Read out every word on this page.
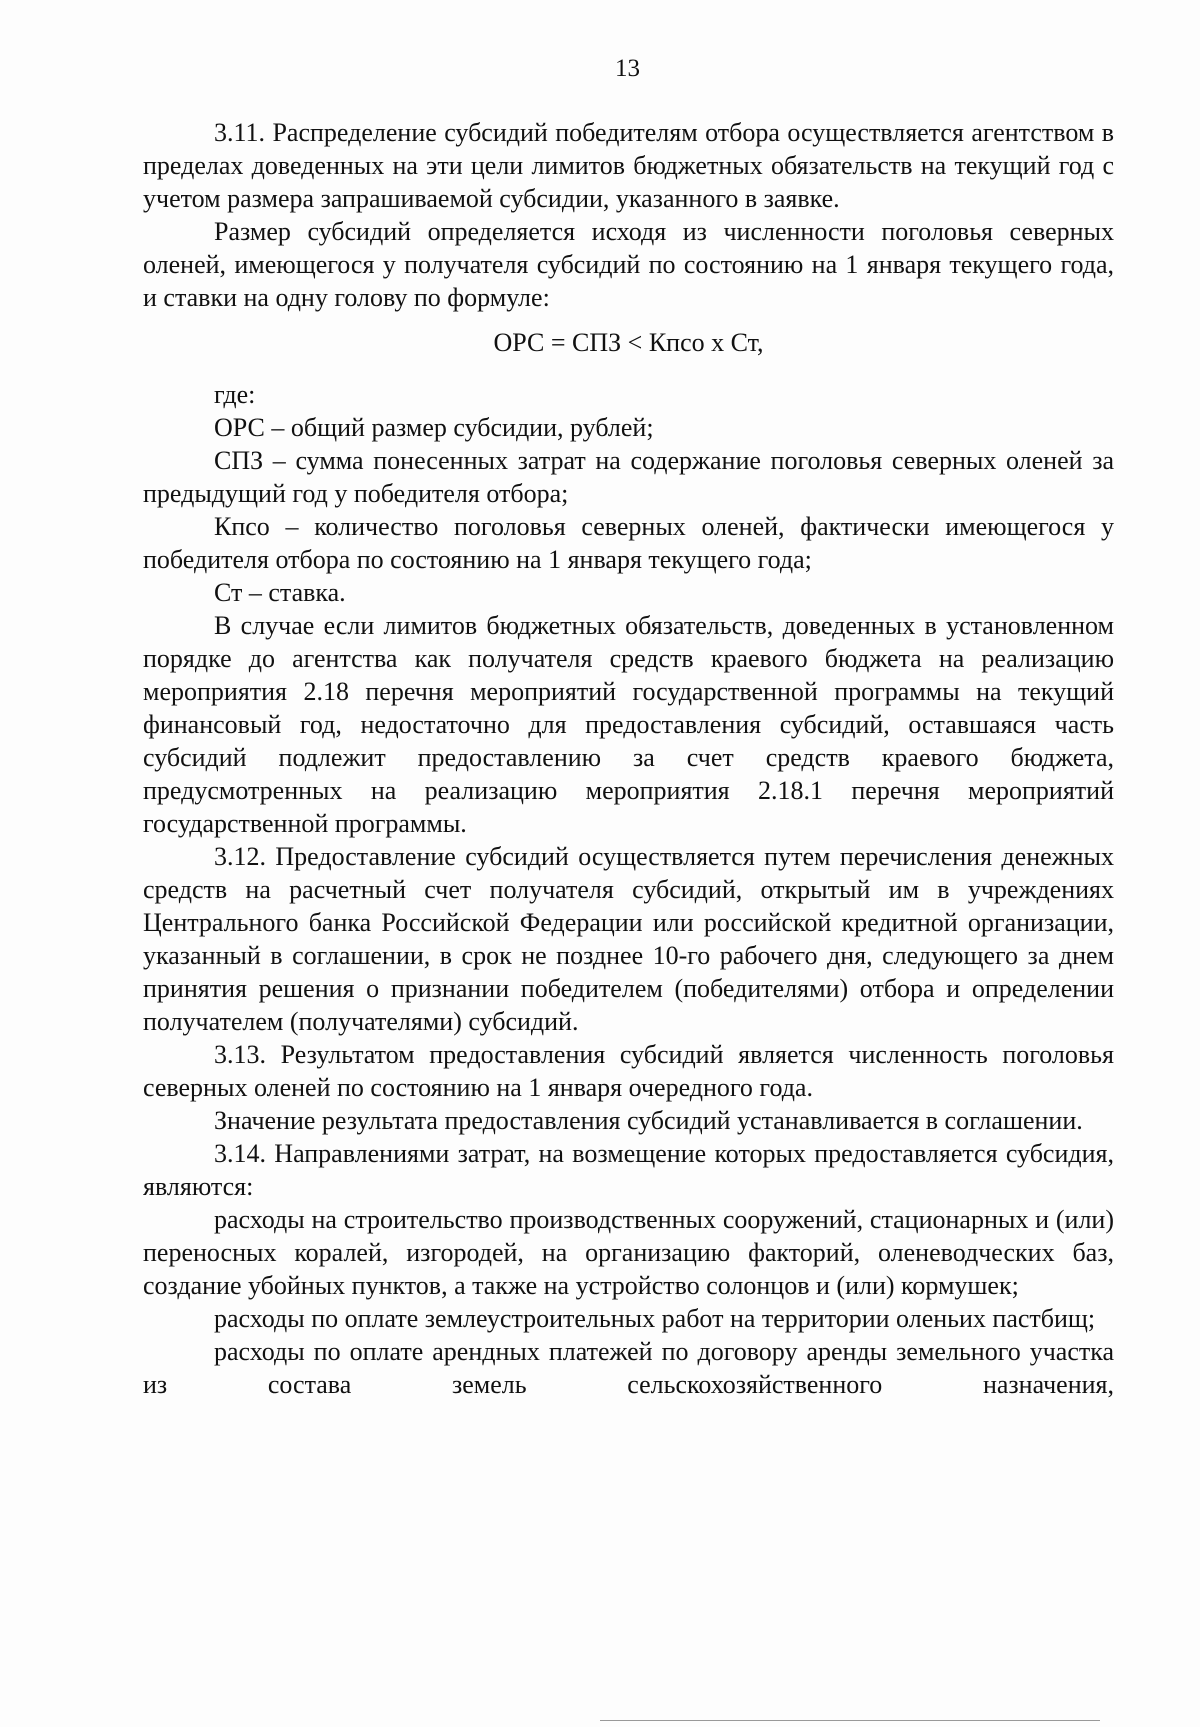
13

3.11. Распределение субсидий победителям отбора осуществляется агентством в пределах доведенных на эти цели лимитов бюджетных обязательств на текущий год с учетом размера запрашиваемой субсидии, указанного в заявке.

Размер субсидий определяется исходя из численности поголовья северных оленей, имеющегося у получателя субсидий по состоянию на 1 января текущего года, и ставки на одну голову по формуле:

ОРС = СПЗ < Кпсо х Ст,

где:

ОРС – общий размер субсидии, рублей;

СПЗ – сумма понесенных затрат на содержание поголовья северных оленей за предыдущий год у победителя отбора;

Кпсо – количество поголовья северных оленей, фактически имеющегося у победителя отбора по состоянию на 1 января текущего года;

Ст – ставка.

В случае если лимитов бюджетных обязательств, доведенных в установленном порядке до агентства как получателя средств краевого бюджета на реализацию мероприятия 2.18 перечня мероприятий государственной программы на текущий финансовый год, недостаточно для предоставления субсидий, оставшаяся часть субсидий подлежит предоставлению за счет средств краевого бюджета, предусмотренных на реализацию мероприятия 2.18.1 перечня мероприятий государственной программы.

3.12. Предоставление субсидий осуществляется путем перечисления денежных средств на расчетный счет получателя субсидий, открытый им в учреждениях Центрального банка Российской Федерации или российской кредитной организации, указанный в соглашении, в срок не позднее 10-го рабочего дня, следующего за днем принятия решения о признании победителем (победителями) отбора и определении получателем (получателями) субсидий.

3.13. Результатом предоставления субсидий является численность поголовья северных оленей по состоянию на 1 января очередного года.

Значение результата предоставления субсидий устанавливается в соглашении.

3.14. Направлениями затрат, на возмещение которых предоставляется субсидия, являются:

расходы на строительство производственных сооружений, стационарных и (или) переносных коралей, изгородей, на организацию факторий, оленеводческих баз, создание убойных пунктов, а также на устройство солонцов и (или) кормушек;

расходы по оплате землеустроительных работ на территории оленьих пастбищ;

расходы по оплате арендных платежей по договору аренды земельного участка из состава земель сельскохозяйственного назначения,
